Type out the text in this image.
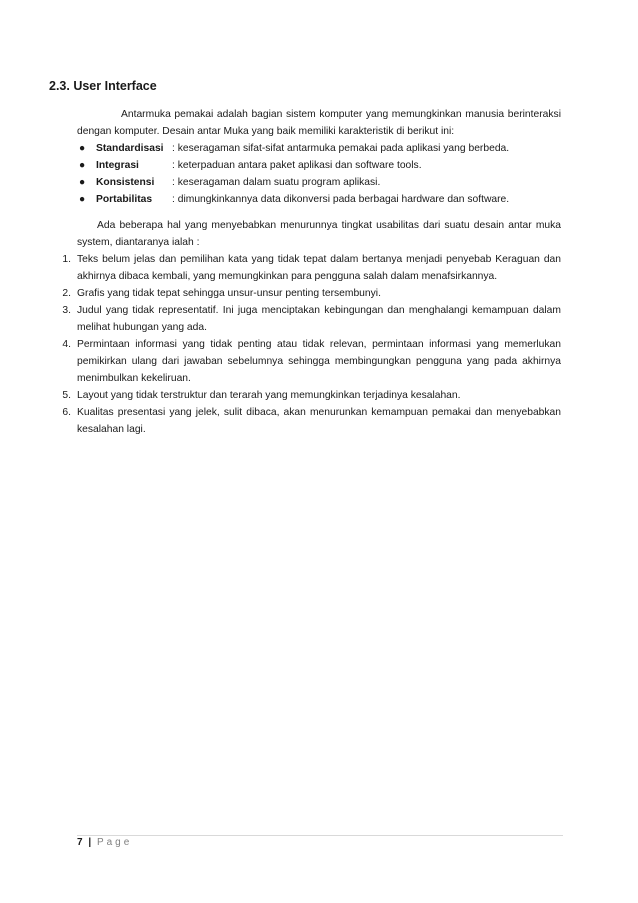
2.3. User Interface

Antarmuka pemakai adalah bagian sistem komputer yang memungkinkan manusia berinteraksi dengan komputer. Desain antar Muka yang baik memiliki karakteristik di berikut ini:

● Standardisasi : keseragaman sifat-sifat antarmuka pemakai pada aplikasi yang berbeda.
● Integrasi	: keterpaduan antara paket aplikasi dan software tools.
● Konsistensi : keseragaman dalam suatu program aplikasi.
● Portabilitas : dimungkinkannya data dikonversi pada berbagai hardware dan software.

Ada beberapa hal yang menyebabkan menurunnya tingkat usabilitas dari suatu desain antar muka system, diantaranya ialah :

1. Teks belum jelas dan pemilihan kata yang tidak tepat dalam bertanya menjadi penyebab Keraguan dan akhirnya dibaca kembali, yang memungkinkan para pengguna salah dalam menafsirkannya.
2. Grafis yang tidak tepat sehingga unsur-unsur penting tersembunyi.
3. Judul yang tidak representatif. Ini juga menciptakan kebingungan dan menghalangi kemampuan dalam melihat hubungan yang ada.
4. Permintaan informasi yang tidak penting atau tidak relevan, permintaan informasi yang memerlukan pemikirkan ulang dari jawaban sebelumnya sehingga membingungkan pengguna yang pada akhirnya menimbulkan kekeliruan.
5. Layout yang tidak terstruktur dan terarah yang memungkinkan terjadinya kesalahan.
6. Kualitas presentasi yang jelek, sulit dibaca, akan menurunkan kemampuan pemakai dan menyebabkan kesalahan lagi.
7 | Page
